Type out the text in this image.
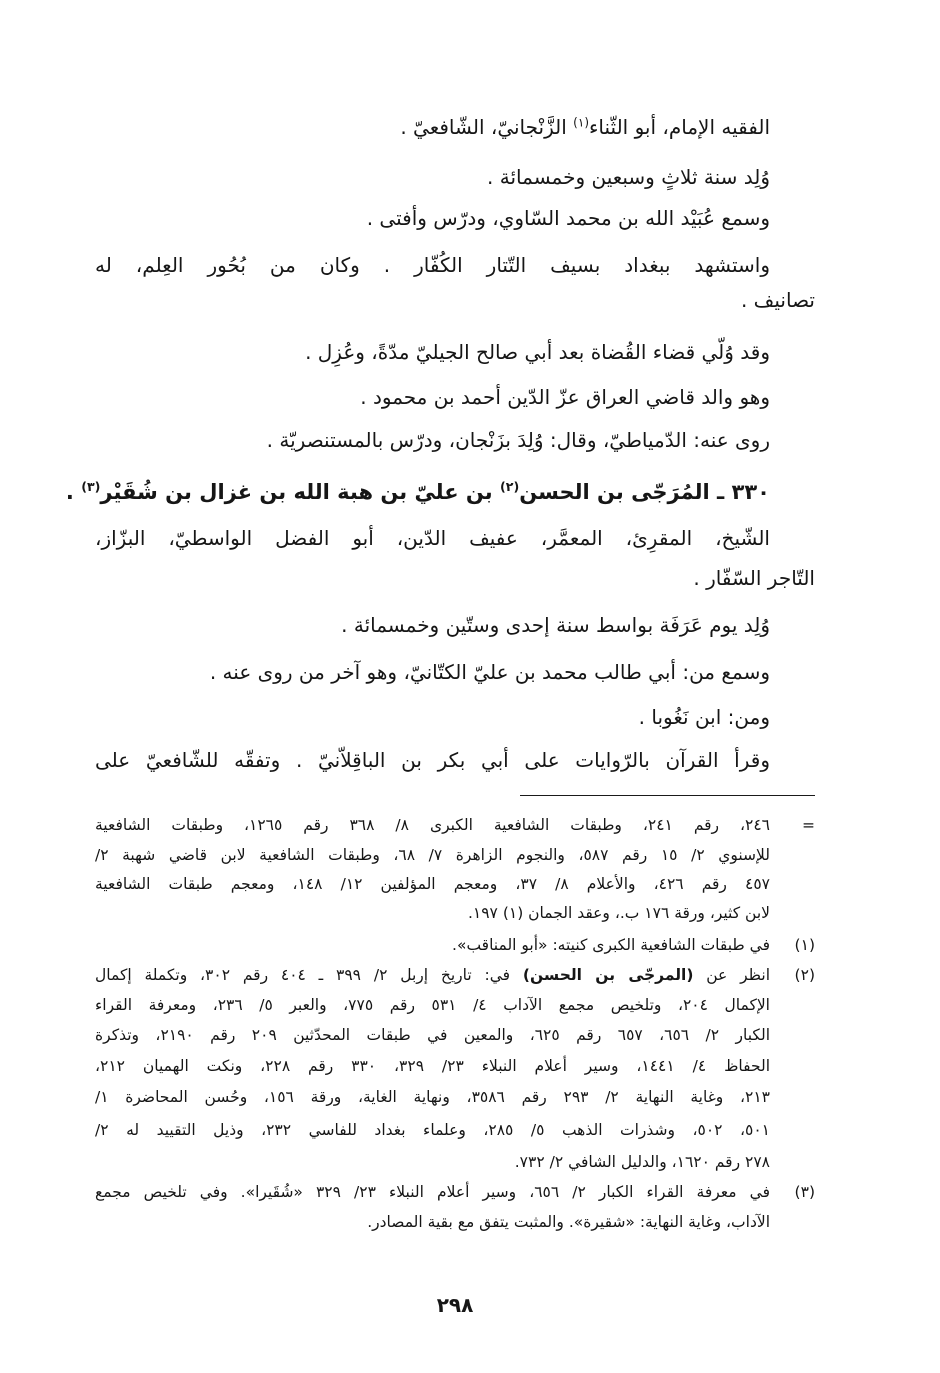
الفقيه الإمام، أبو الثّناء$^{(١)}$ الزَّنْجانيّ، الشّافعيّ .
وُلِد سنة ثلاثٍ وسبعين وخمسمائة .
وسمع عُبَيْد الله بن محمد السّاوي، ودرّس وأفتى .
واستشهد ببغداد بسيف التّتار الكُفّار . وكان من بُحُور العِلم، له
تصانيف .
وقد وُلّي قضاء القُضاة بعد أبي صالح الجيليّ مدّةً، وعُزِل .
وهو والد قاضي العراق عزّ الدّين أحمد بن محمود .
روى عنه: الدّمياطيّ، وقال: وُلِدَ بزَنْجان، ودرّس بالمستنصريّة .
٣٣٠ ـ المُرَجّى بن الحسن$^{(٢)}$ بن عليّ بن هبة الله بن غزال بن شُقَيْر$^{(٣)}$ .
الشّيخ، المقرِئ، المعمَّر، عفيف الدّين، أبو الفضل الواسطيّ، البزّاز،
التّاجر السّفّار .
وُلِد يوم عَرَفَة بواسط سنة إحدى وستّين وخمسمائة .
وسمع من: أبي طالب محمد بن عليّ الكتّانيّ، وهو آخر من روى عنه .
ومن: ابن نَغُوبا .
وقرأ القرآن بالرّوايات على أبي بكر بن الباقِلاّنيّ . وتفقّه للشّافعيّ على
=
٢٤٦، رقم ٢٤١، وطبقات الشافعية الكبرى ٨/ ٣٦٨ رقم ١٢٦٥، وطبقات الشافعية
للإسنوي ٢/ ١٥ رقم ٥٨٧، والنجوم الزاهرة ٧/ ٦٨، وطبقات الشافعية لابن قاضي شهبة ٢/
٤٥٧ رقم ٤٢٦، والأعلام ٨/ ٣٧، ومعجم المؤلفين ١٢/ ١٤٨، ومعجم طبقات الشافعية
لابن كثير، ورقة ١٧٦ ب.، وعقد الجمان (١) ١٩٧.
(١)
في طبقات الشافعية الكبرى كنيته: «أبو المناقب».
(٢)
انظر عن (المرجّى بن الحسن) في: تاريخ إربل ٢/ ٣٩٩ ـ ٤٠٤ رقم ٣٠٢، وتكملة إكمال
الإكمال ٢٠٤، وتلخيص مجمع الآداب ٤/ ٥٣١ رقم ٧٧٥، والعبر ٥/ ٢٣٦، ومعرفة القراء
الكبار ٢/ ٦٥٦، ٦٥٧ رقم ٦٢٥، والمعين في طبقات المحدّثين ٢٠٩ رقم ٢١٩٠، وتذكرة
الحفاظ ٤/ ١٤٤١، وسير أعلام النبلاء ٢٣/ ٣٢٩، ٣٣٠ رقم ٢٢٨، ونكت الهميان ٢١٢،
٢١٣، وغاية النهاية ٢/ ٢٩٣ رقم ٣٥٨٦، ونهاية الغاية، ورقة ١٥٦، وحُسن المحاضرة ١/
٥٠١، ٥٠٢، وشذرات الذهب ٥/ ٢٨٥، وعلماء بغداد للفاسي ٢٣٢، وذيل التقييد له ٢/
٢٧٨ رقم ١٦٢٠، والدليل الشافي ٢/ ٧٣٢.
(٣)
في معرفة القراء الكبار ٢/ ٦٥٦، وسير أعلام النبلاء ٢٣/ ٣٢٩ «شُقَيرا». وفي تلخيص مجمع
الآداب، وغاية النهاية: «شقيرة». والمثبت يتفق مع بقية المصادر.
٢٩٨
